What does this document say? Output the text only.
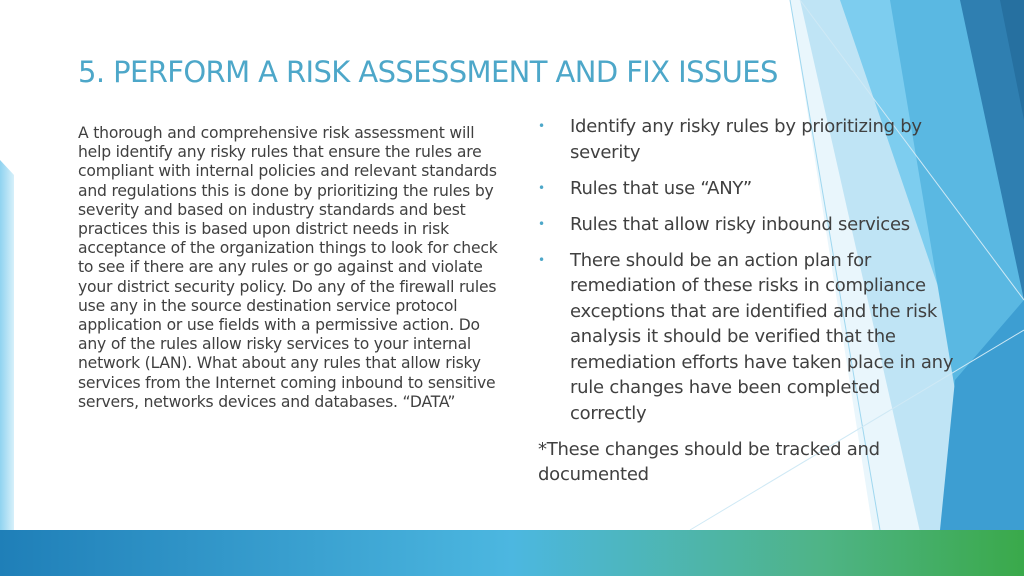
5. PERFORM A RISK ASSESSMENT AND FIX ISSUES
A thorough and comprehensive risk assessment will help identify any risky rules that ensure the rules are compliant with internal policies and relevant standards and regulations this is done by prioritizing the rules by severity and based on industry standards and best practices this is based upon district needs in risk acceptance of the organization things to look for check to see if there are any rules or go against and violate your district security policy. Do any of the firewall rules use any in the source destination service protocol application or use fields with a permissive action. Do any of the rules allow risky services to your internal network (LAN). What about any rules that allow risky services from the Internet coming inbound to sensitive servers, networks devices and databases. “DATA”
• Identify any risky rules by prioritizing by severity
• Rules that use “ANY”
• Rules that allow risky inbound services
• There should be an action plan for remediation of these risks in compliance exceptions that are identified and the risk analysis it should be verified that the remediation efforts have taken place in any rule changes have been completed correctly
*These changes should be tracked and documented
